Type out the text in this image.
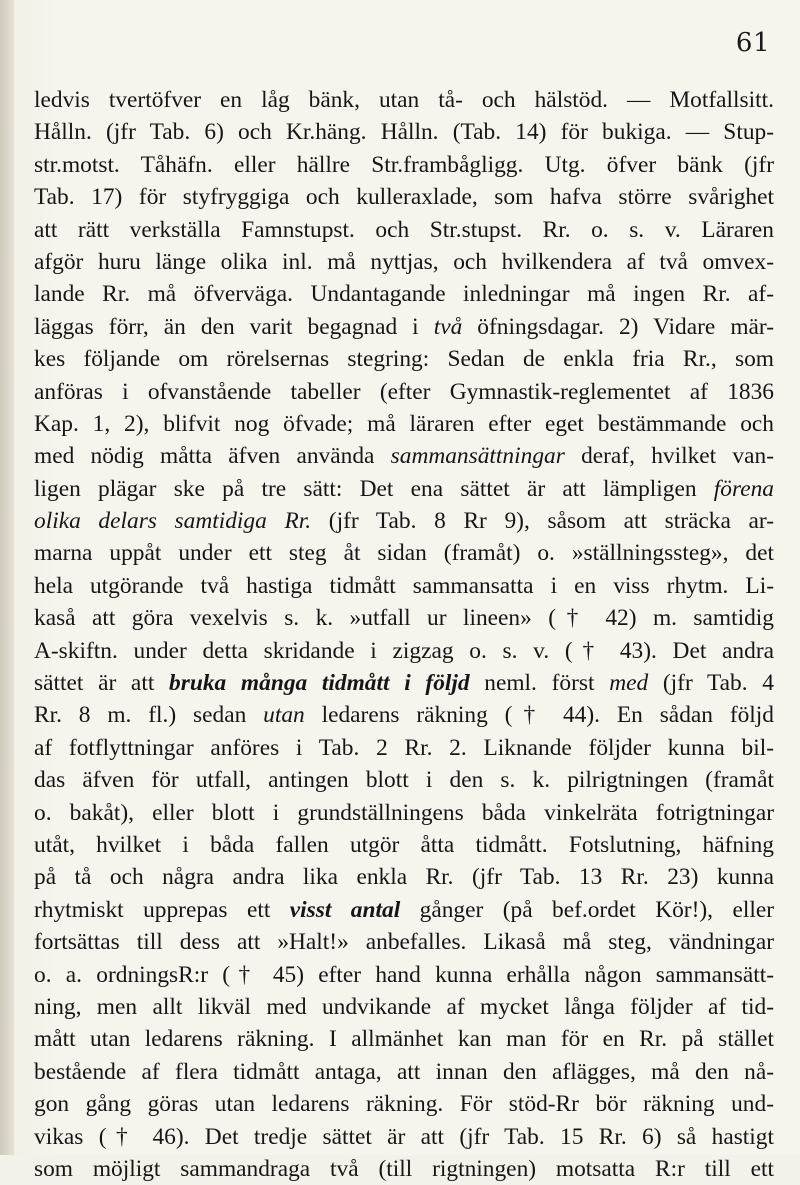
61
ledvis tvertöfver en låg bänk, utan tå- och hälstöd. — Motfallsitt.
Hålln. (jfr Tab. 6) och Kr.häng. Hålln. (Tab. 14) för bukiga. — Stup-
str.motst. Tåhäfn. eller hällre Str.frambågligg. Utg. öfver bänk (jfr
Tab. 17) för styfryggiga och kulleraxlade, som hafva större svårighet
att rätt verkställa Famnstupst. och Str.stupst. Rr. o. s. v. Läraren
afgör huru länge olika inl. må nyttjas, och hvilkendera af två omvex-
lande Rr. må öfverväga. Undantagande inledningar må ingen Rr. af-
läggas förr, än den varit begagnad i två öfningsdagar. 2) Vidare mär-
kes följande om rörelsernas stegring: Sedan de enkla fria Rr., som
anföras i ofvanstående tabeller (efter Gymnastik-reglementet af 1836
Kap. 1, 2), blifvit nog öfvade; må läraren efter eget bestämmande och
med nödig måtta äfven använda sammansättningar deraf, hvilket van-
ligen plägar ske på tre sätt: Det ena sättet är att lämpligen förena
olika delars samtidiga Rr. (jfr Tab. 8 Rr 9), såsom att sträcka ar-
marna uppåt under ett steg åt sidan (framåt) o. »ställningssteg», det
hela utgörande två hastiga tidmått sammansatta i en viss rhytm. Li-
kaså att göra vexelvis s. k. »utfall ur lineen» († 42) m. samtidig
A-skiftn. under detta skridande i zigzag o. s. v. († 43). Det andra
sättet är att bruka många tidmått i följd neml. först med (jfr Tab. 4
Rr. 8 m. fl.) sedan utan ledarens räkning († 44). En sådan följd
af fotflyttningar anföres i Tab. 2 Rr. 2. Liknande följder kunna bil-
das äfven för utfall, antingen blott i den s. k. pilrigtningen (framåt
o. bakåt), eller blott i grundställningens båda vinkelräta fotrigtningar
utåt, hvilket i båda fallen utgör åtta tidmått. Fotslutning, häfning
på tå och några andra lika enkla Rr. (jfr Tab. 13 Rr. 23) kunna
rhytmiskt upprepas ett visst antal gånger (på bef.ordet Kör!), eller
fortsättas till dess att »Halt!» anbefalles. Likaså må steg, vändningar
o. a. ordningsR:r († 45) efter hand kunna erhålla någon sammansätt-
ning, men allt likväl med undvikande af mycket långa följder af tid-
mått utan ledarens räkning. I allmänhet kan man för en Rr. på stället
bestående af flera tidmått antaga, att innan den aflägges, må den nå-
gon gång göras utan ledarens räkning. För stöd-Rr bör räkning und-
vikas († 46). Det tredje sättet är att (jfr Tab. 15 Rr. 6) så hastigt
som möjligt sammandraga två (till rigtningen) motsatta R:r till ett
